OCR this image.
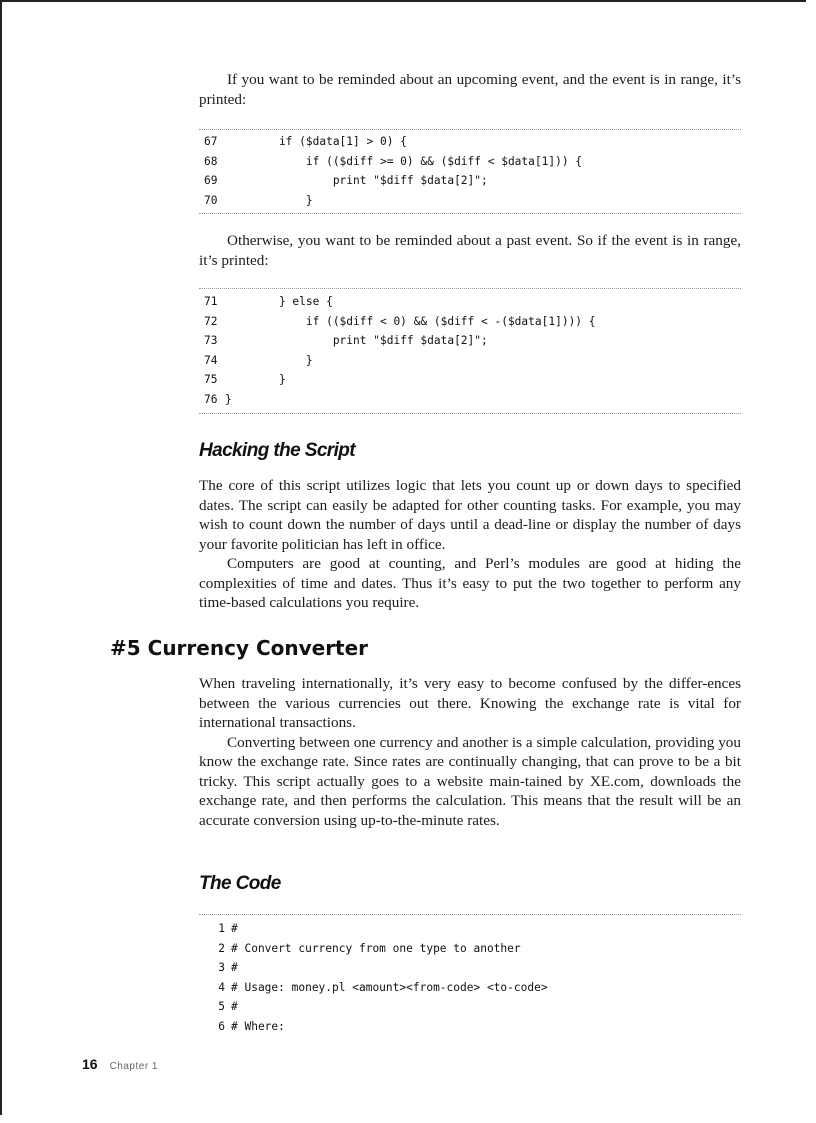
If you want to be reminded about an upcoming event, and the event is in range, it’s printed:

67	if ($data[1] > 0) {
68	if (($diff >= 0) && ($diff < $data[1])) {
69	print "$diff $data[2]";
70	}

Otherwise, you want to be reminded about a past event. So if the event is in range, it’s printed:

71	} else {
72	if (($diff < 0) && ($diff < -($data[1]))) {
73	print "$diff $data[2]";
74	}
75	}
76 }
Hacking the Script

The core of this script utilizes logic that lets you count up or down days to specified dates. The script can easily be adapted for other counting tasks. For example, you may wish to count down the number of days until a dead-line or display the number of days your favorite politician has left in office.
Computers are good at counting, and Perl’s modules are good at hiding the complexities of time and dates. Thus it’s easy to put the two together to perform any time-based calculations you require.

#5 Currency Converter

When traveling internationally, it’s very easy to become confused by the differ-ences between the various currencies out there. Knowing the exchange rate is vital for international transactions.
Converting between one currency and another is a simple calculation, providing you know the exchange rate. Since rates are continually changing, that can prove to be a bit tricky. This script actually goes to a website main-tained by XE.com, downloads the exchange rate, and then performs the calculation. This means that the result will be an accurate conversion using up-to-the-minute rates.

The Code
1 #
2 # Convert currency from one type to another
3 #
4 # Usage: money.pl <amount><from-code> <to-code>
5 #
6 # Where:
16 Chapter 1
